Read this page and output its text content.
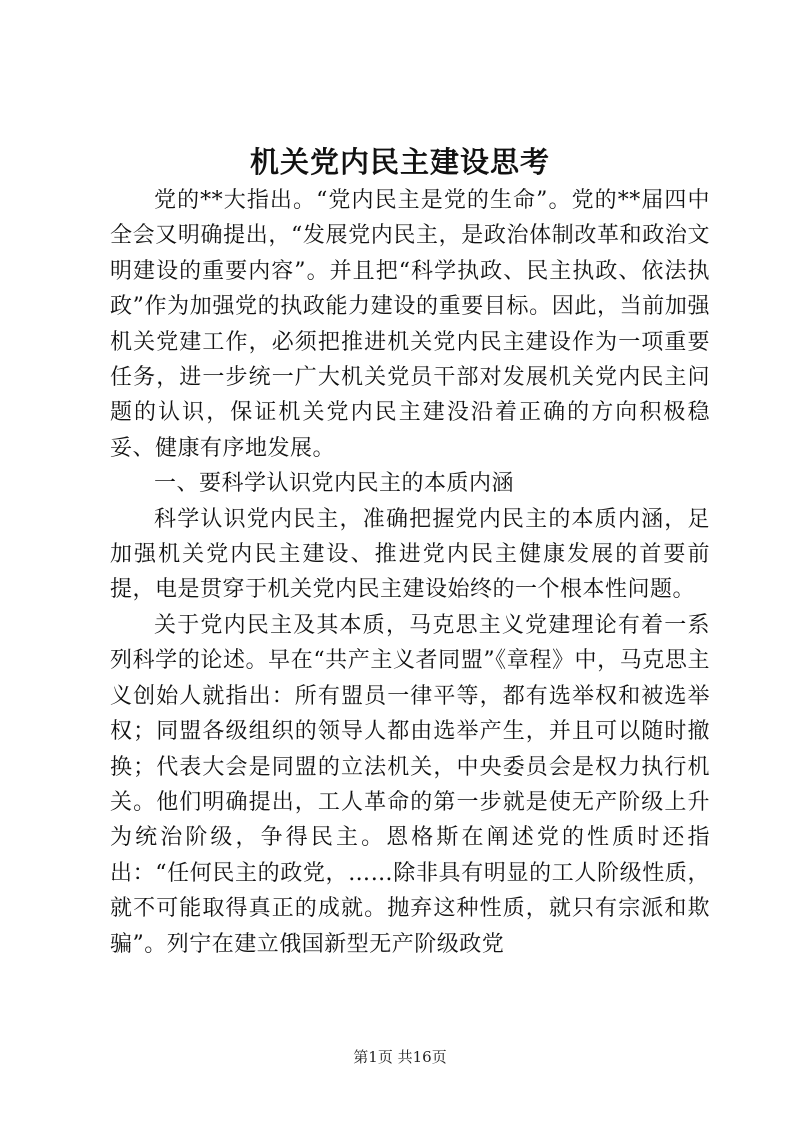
机关党内民主建设思考

党的**大指出。“党内民主是党的生命”。党的**届四中全会又明确提出，“发展党内民主，是政治体制改革和政治文明建设的重要内容”。并且把“科学执政、民主执政、依法执政”作为加强党的执政能力建设的重要目标。因此，当前加强机关党建工作，必须把推进机关党内民主建设作为一项重要任务，进一步统一广大机关党员干部对发展机关党内民主问题的认识，保证机关党内民主建没沿着正确的方向积极稳妥、健康有序地发展。

一、要科学认识党内民主的本质内涵

科学认识党内民主，准确把握党内民主的本质内涵，足加强机关党内民主建设、推进党内民主健康发展的首要前提，电是贯穿于机关党内民主建设始终的一个根本性问题。

关于党内民主及其本质，马克思主义党建理论有着一系列科学的论述。早在“共产主义者同盟”《章程》中，马克思主义创始人就指出：所有盟员一律平等，都有选举权和被选举权；同盟各级组织的领导人都由选举产生，并且可以随时撤换；代表大会是同盟的立法机关，中央委员会是权力执行机关。他们明确提出，工人革命的第一步就是使无产阶级上升为统治阶级，争得民主。恩格斯在阐述党的性质时还指出：“任何民主的政党，……除非具有明显的工人阶级性质，就不可能取得真正的成就。抛弃这种性质，就只有宗派和欺骗”。列宁在建立俄国新型无产阶级政党

第1页 共16页
